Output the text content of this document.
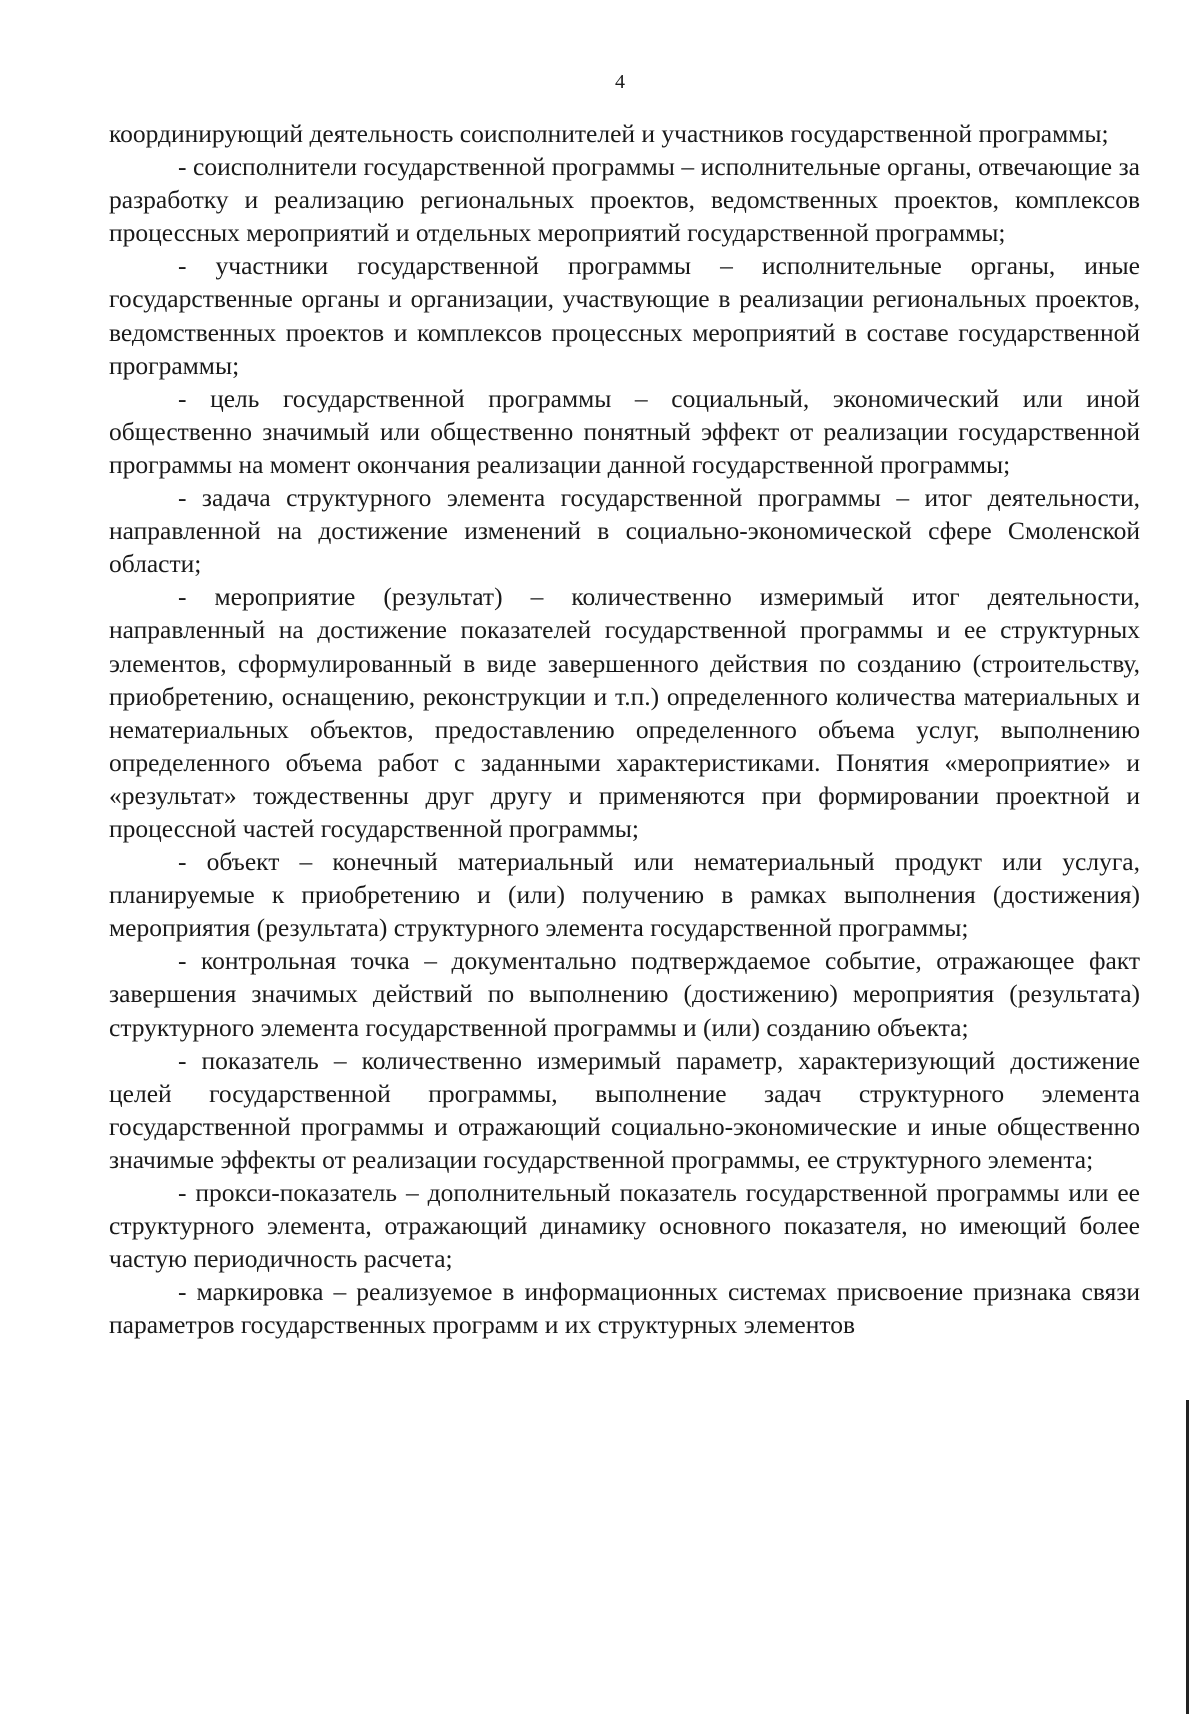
4

координирующий деятельность соисполнителей и участников государственной программы;

- соисполнители государственной программы – исполнительные органы, отвечающие за разработку и реализацию региональных проектов, ведомственных проектов, комплексов процессных мероприятий и отдельных мероприятий государственной программы;

- участники государственной программы – исполнительные органы, иные государственные органы и организации, участвующие в реализации региональных проектов, ведомственных проектов и комплексов процессных мероприятий в составе государственной программы;

- цель государственной программы – социальный, экономический или иной общественно значимый или общественно понятный эффект от реализации государственной программы на момент окончания реализации данной государственной программы;

- задача структурного элемента государственной программы – итог деятельности, направленной на достижение изменений в социально-экономической сфере Смоленской области;

- мероприятие (результат) – количественно измеримый итог деятельности, направленный на достижение показателей государственной программы и ее структурных элементов, сформулированный в виде завершенного действия по созданию (строительству, приобретению, оснащению, реконструкции и т.п.) определенного количества материальных и нематериальных объектов, предоставлению определенного объема услуг, выполнению определенного объема работ с заданными характеристиками. Понятия «мероприятие» и «результат» тождественны друг другу и применяются при формировании проектной и процессной частей государственной программы;

- объект – конечный материальный или нематериальный продукт или услуга, планируемые к приобретению и (или) получению в рамках выполнения (достижения) мероприятия (результата) структурного элемента государственной программы;

- контрольная точка – документально подтверждаемое событие, отражающее факт завершения значимых действий по выполнению (достижению) мероприятия (результата) структурного элемента государственной программы и (или) созданию объекта;

- показатель – количественно измеримый параметр, характеризующий достижение целей государственной программы, выполнение задач структурного элемента государственной программы и отражающий социально-экономические и иные общественно значимые эффекты от реализации государственной программы, ее структурного элемента;

- прокси-показатель – дополнительный показатель государственной программы или ее структурного элемента, отражающий динамику основного показателя, но имеющий более частую периодичность расчета;

- маркировка – реализуемое в информационных системах присвоение признака связи параметров государственных программ и их структурных элементов
